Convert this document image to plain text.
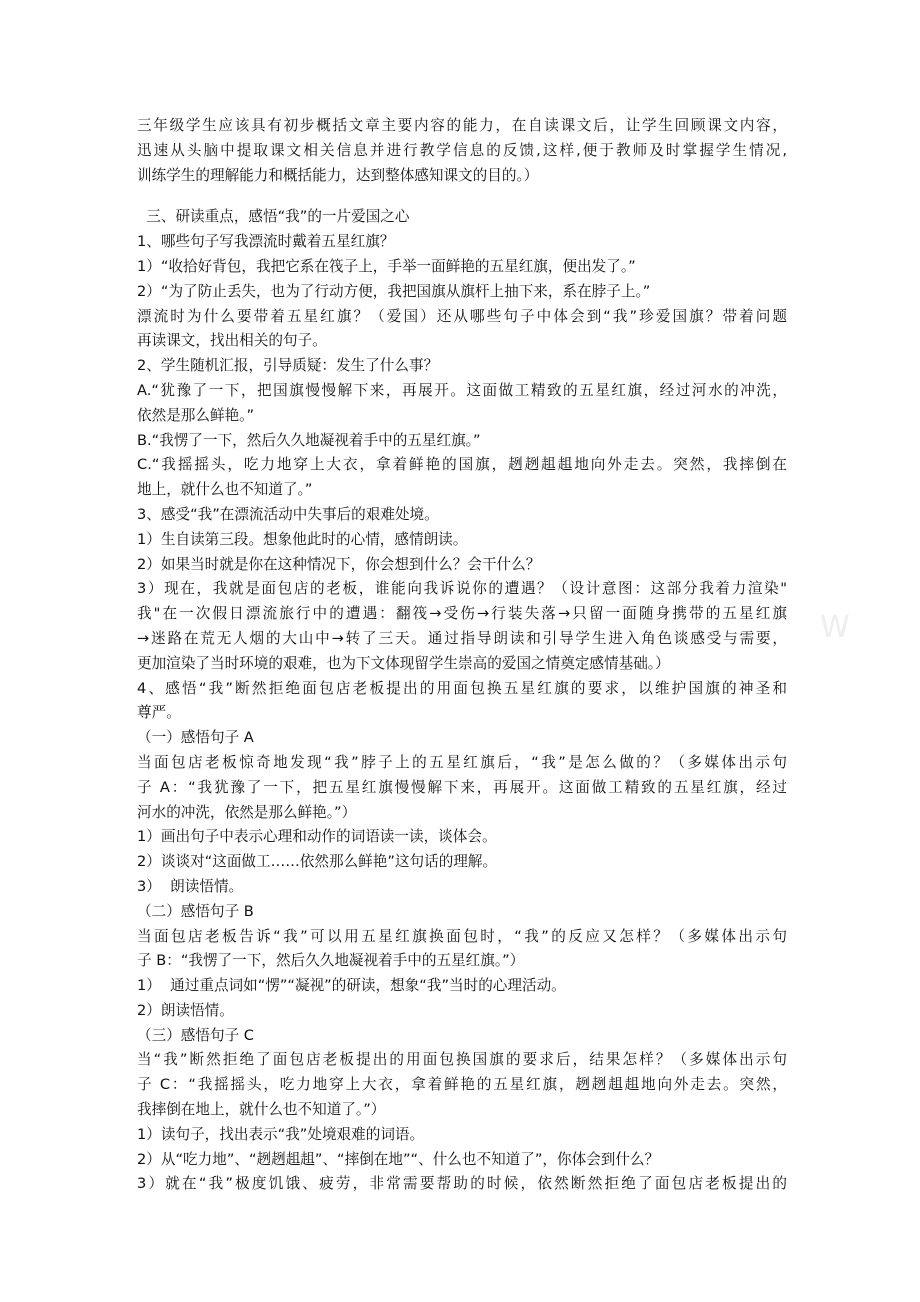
三年级学生应该具有初步概括文章主要内容的能力，在自读课文后，让学生回顾课文内容，
迅速从头脑中提取课文相关信息并进行教学信息的反馈,这样,便于教师及时掌握学生情况,
训练学生的理解能力和概括能力，达到整体感知课文的目的。）
三、研读重点，感悟“我”的一片爱国之心
1、哪些句子写我漂流时戴着五星红旗？
1）“收拾好背包，我把它系在筏子上，手举一面鲜艳的五星红旗，便出发了。”
2）“为了防止丢失，也为了行动方便，我把国旗从旗杆上抽下来，系在脖子上。”
漂流时为什么要带着五星红旗？（爱国）还从哪些句子中体会到“我”珍爱国旗？带着问题
再读课文，找出相关的句子。
2、学生随机汇报，引导质疑：发生了什么事？
A.“犹豫了一下，把国旗慢慢解下来，再展开。这面做工精致的五星红旗，经过河水的冲洗，
依然是那么鲜艳。”
B.“我愣了一下，然后久久地凝视着手中的五星红旗。”
C.“我摇摇头，吃力地穿上大衣，拿着鲜艳的国旗，趔趔趄趄地向外走去。突然，我摔倒在
地上，就什么也不知道了。”
3、感受“我”在漂流活动中失事后的艰难处境。
1）生自读第三段。想象他此时的心情，感情朗读。
2）如果当时就是你在这种情况下，你会想到什么？会干什么？
3）现在，我就是面包店的老板，谁能向我诉说你的遭遇？（设计意图：这部分我着力渲染"
我"在一次假日漂流旅行中的遭遇：翻筏→受伤→行装失落→只留一面随身携带的五星红旗
→迷路在荒无人烟的大山中→转了三天。通过指导朗读和引导学生进入角色谈感受与需要，
更加渲染了当时环境的艰难，也为下文体现留学生崇高的爱国之情奠定感情基础。）
4、感悟“我”断然拒绝面包店老板提出的用面包换五星红旗的要求，以维护国旗的神圣和
尊严。
（一）感悟句子 A
当面包店老板惊奇地发现“我”脖子上的五星红旗后，“我”是怎么做的？（多媒体出示句
子 A：“我犹豫了一下，把五星红旗慢慢解下来，再展开。这面做工精致的五星红旗，经过
河水的冲洗，依然是那么鲜艳。”）
1）画出句子中表示心理和动作的词语读一读，谈体会。
2）谈谈对“这面做工……依然那么鲜艳”这句话的理解。
3）  朗读悟情。
（二）感悟句子 B
当面包店老板告诉“我”可以用五星红旗换面包时，“我”的反应又怎样？（多媒体出示句
子 B：“我愣了一下，然后久久地凝视着手中的五星红旗。”）
1）  通过重点词如“愣”“凝视”的研读，想象“我”当时的心理活动。
2）朗读悟情。
（三）感悟句子 C
当“我”断然拒绝了面包店老板提出的用面包换国旗的要求后，结果怎样？（多媒体出示句
子 C：“我摇摇头，吃力地穿上大衣，拿着鲜艳的五星红旗，趔趔趄趄地向外走去。突然，
我摔倒在地上，就什么也不知道了。”）
1）读句子，找出表示“我”处境艰难的词语。
2）从“吃力地”、“趔趔趄趄”、“摔倒在地”“、什么也不知道了”，你体会到什么？
3）就在“我”极度饥饿、疲劳，非常需要帮助的时候，依然断然拒绝了面包店老板提出的
W
